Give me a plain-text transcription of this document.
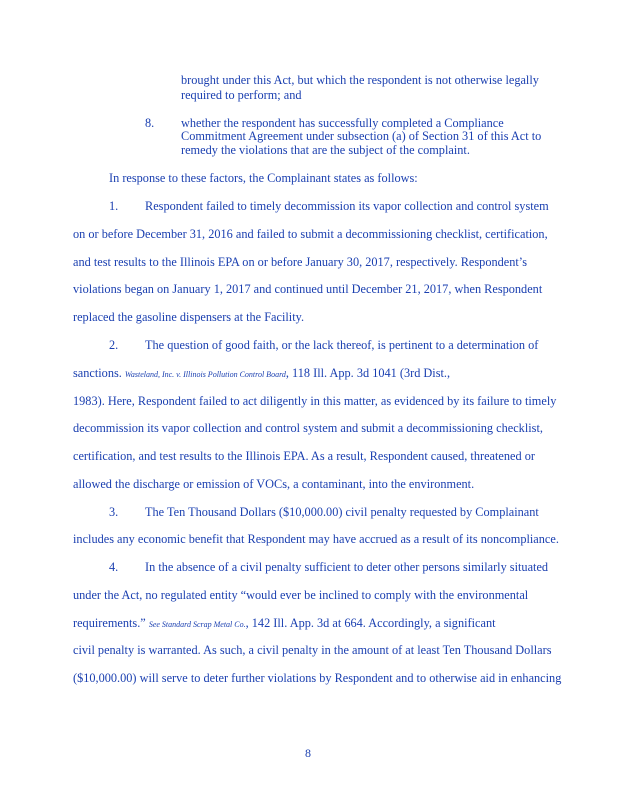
brought under this Act, but which the respondent is not otherwise legally
required to perform; and
8. whether the respondent has successfully completed a Compliance
Commitment Agreement under subsection (a) of Section 31 of this Act to
remedy the violations that are the subject of the complaint.
In response to these factors, the Complainant states as follows:
1. Respondent failed to timely decommission its vapor collection and control system
on or before December 31, 2016 and failed to submit a decommissioning checklist, certification,
and test results to the Illinois EPA on or before January 30, 2017, respectively. Respondent’s
violations began on January 1, 2017 and continued until December 21, 2017, when Respondent
replaced the gasoline dispensers at the Facility.
2. The question of good faith, or the lack thereof, is pertinent to a determination of
sanctions. Wasteland, Inc. v. Illinois Pollution Control Board, 118 Ill. App. 3d 1041 (3rd Dist.,
1983). Here, Respondent failed to act diligently in this matter, as evidenced by its failure to timely
decommission its vapor collection and control system and submit a decommissioning checklist,
certification, and test results to the Illinois EPA. As a result, Respondent caused, threatened or
allowed the discharge or emission of VOCs, a contaminant, into the environment.
3. The Ten Thousand Dollars ($10,000.00) civil penalty requested by Complainant
includes any economic benefit that Respondent may have accrued as a result of its noncompliance.
4. In the absence of a civil penalty sufficient to deter other persons similarly situated
under the Act, no regulated entity “would ever be inclined to comply with the environmental
requirements.” See Standard Scrap Metal Co., 142 Ill. App. 3d at 664. Accordingly, a significant
civil penalty is warranted. As such, a civil penalty in the amount of at least Ten Thousand Dollars
($10,000.00) will serve to deter further violations by Respondent and to otherwise aid in enhancing
8
